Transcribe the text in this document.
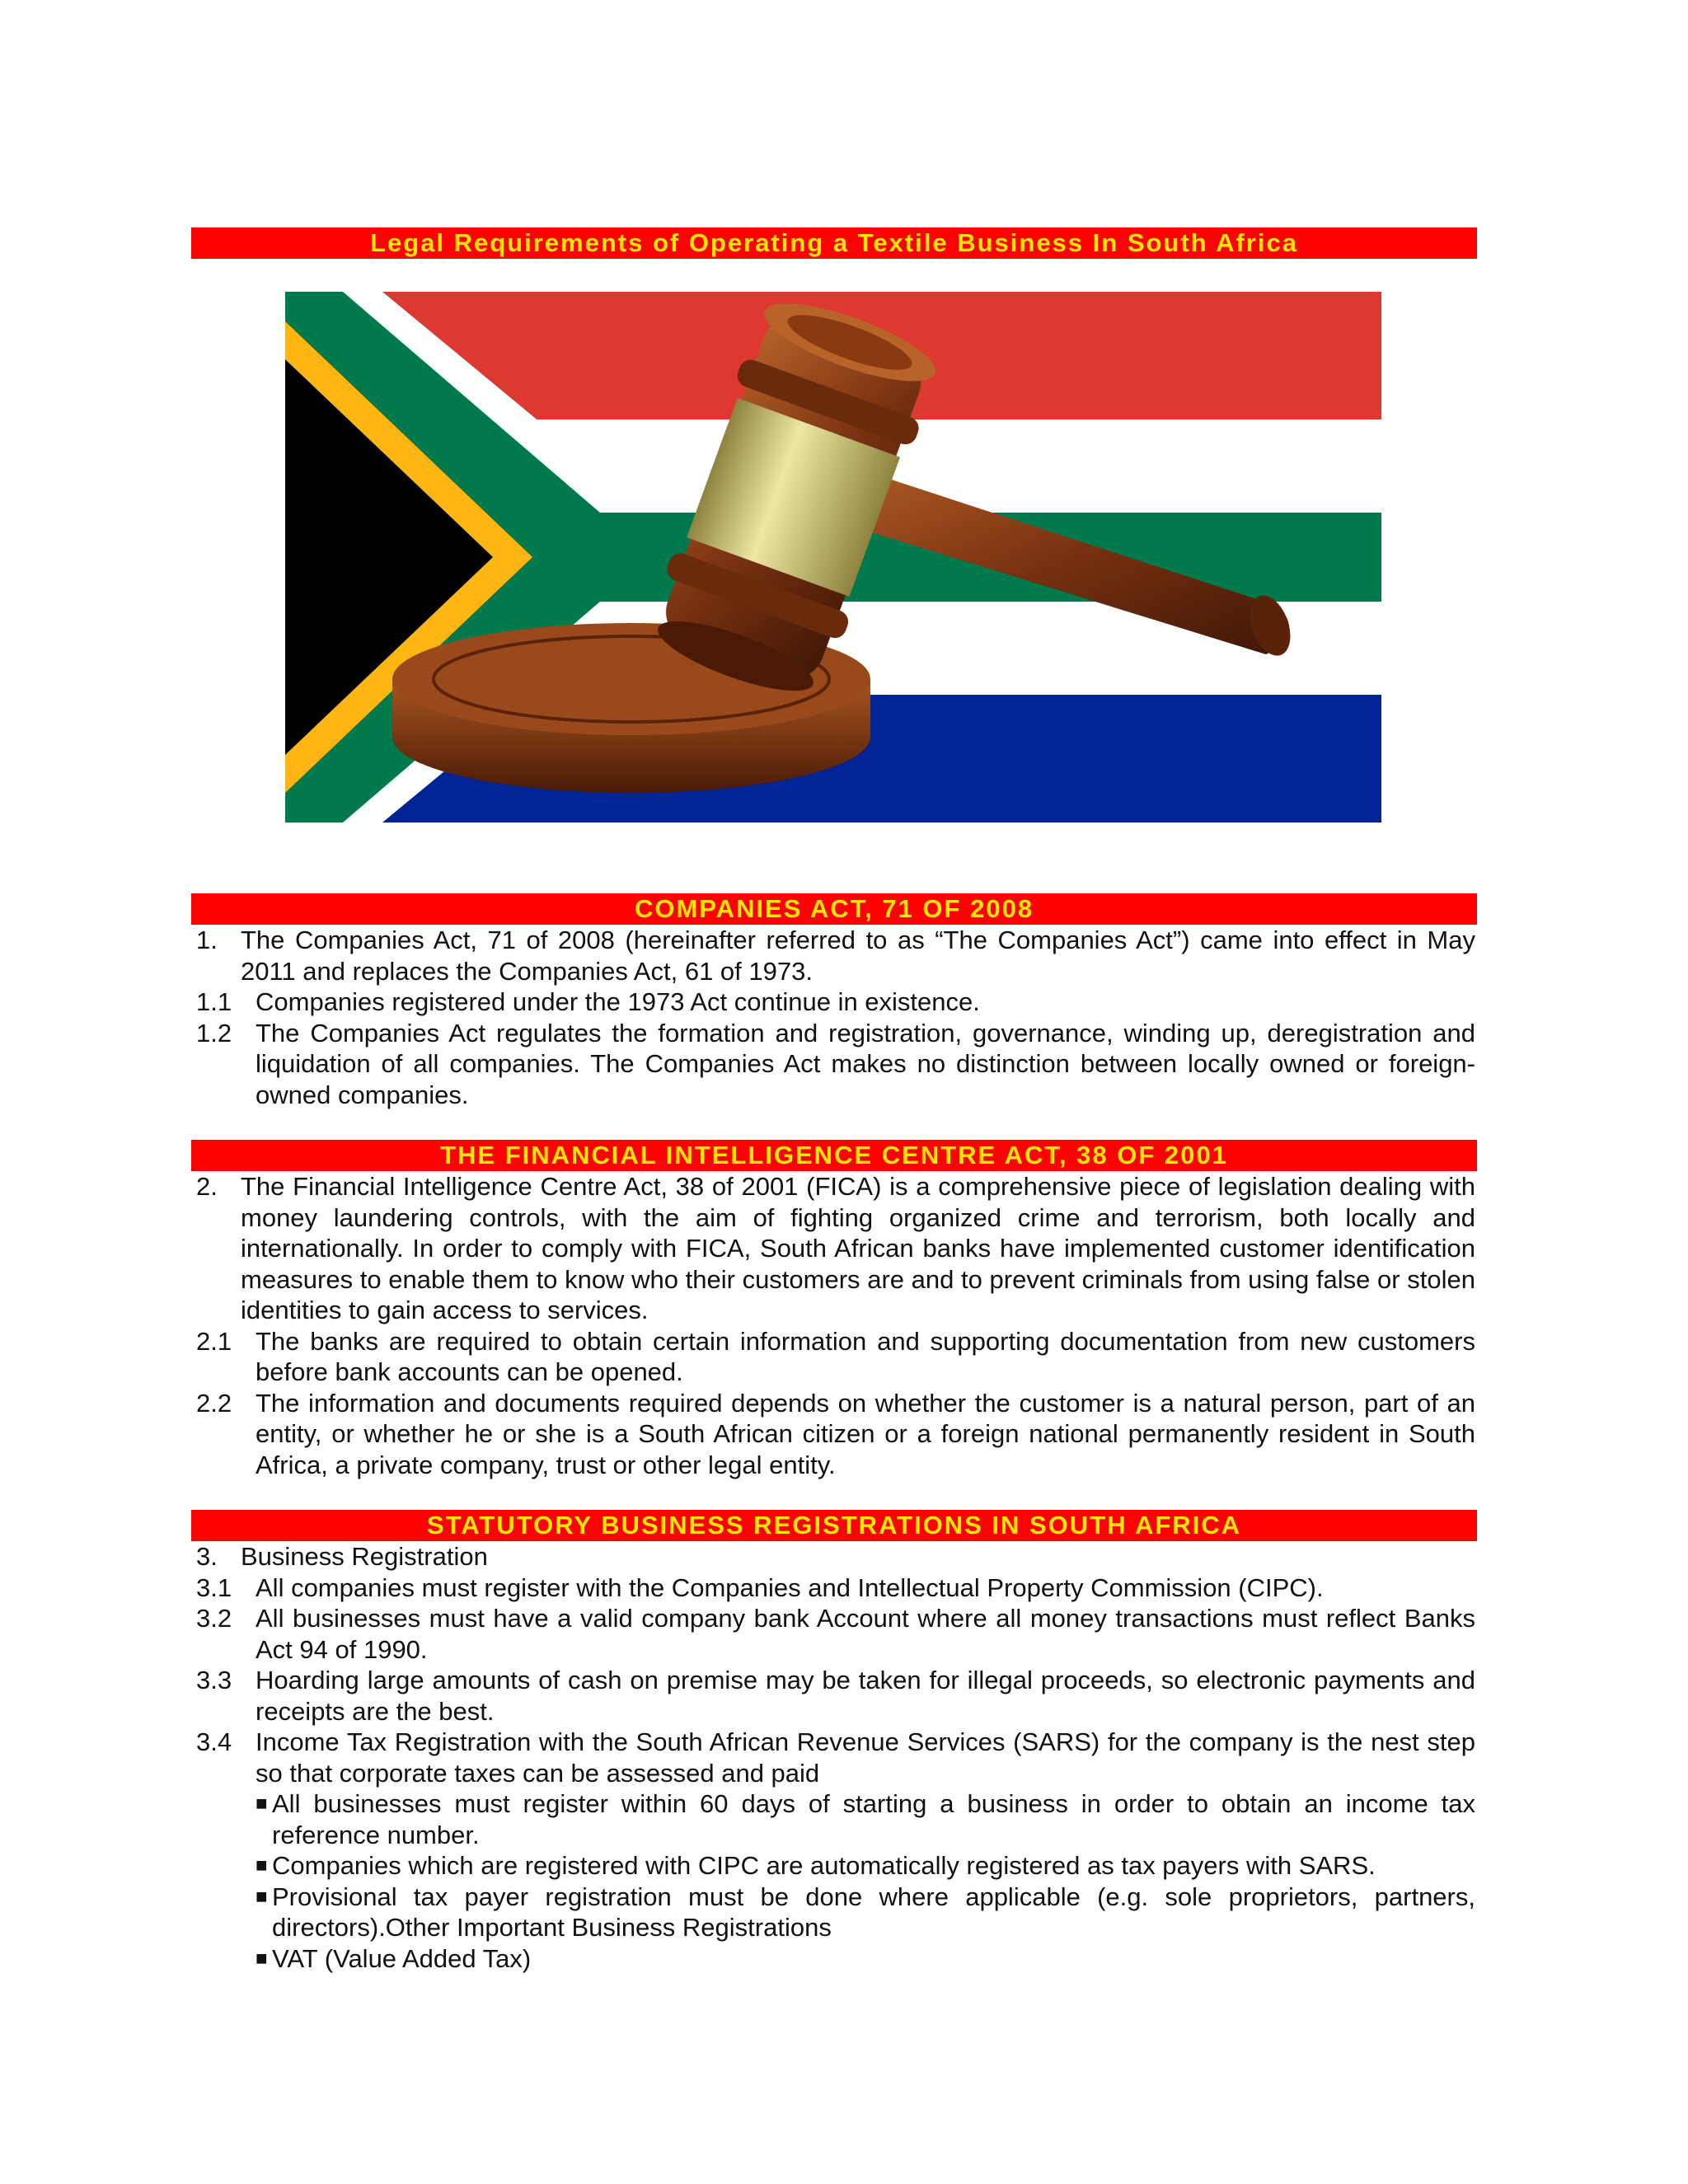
Legal Requirements of Operating a Textile Business In South Africa
COMPANIES ACT, 71 OF 2008
1. The Companies Act, 71 of 2008 (hereinafter referred to as “The Companies Act”) came into effect in May 2011 and replaces the Companies Act, 61 of 1973.
1.1 Companies registered under the 1973 Act continue in existence.
1.2 The Companies Act regulates the formation and registration, governance, winding up, deregistration and liquidation of all companies. The Companies Act makes no distinction between locally owned or foreign-owned companies.
THE FINANCIAL INTELLIGENCE CENTRE ACT, 38 OF 2001
2. The Financial Intelligence Centre Act, 38 of 2001 (FICA) is a comprehensive piece of legislation dealing with money laundering controls, with the aim of fighting organized crime and terrorism, both locally and internationally. In order to comply with FICA, South African banks have implemented customer identification measures to enable them to know who their customers are and to prevent criminals from using false or stolen identities to gain access to services.
2.1 The banks are required to obtain certain information and supporting documentation from new customers before bank accounts can be opened.
2.2 The information and documents required depends on whether the customer is a natural person, part of an entity, or whether he or she is a South African citizen or a foreign national permanently resident in South Africa, a private company, trust or other legal entity.
STATUTORY BUSINESS REGISTRATIONS IN SOUTH AFRICA
3. Business Registration
3.1 All companies must register with the Companies and Intellectual Property Commission (CIPC).
3.2 All businesses must have a valid company bank Account where all money transactions must reflect Banks Act 94 of 1990.
3.3 Hoarding large amounts of cash on premise may be taken for illegal proceeds, so electronic payments and receipts are the best.
3.4 Income Tax Registration with the South African Revenue Services (SARS) for the company is the nest step so that corporate taxes can be assessed and paid
■ All businesses must register within 60 days of starting a business in order to obtain an income tax reference number.
■ Companies which are registered with CIPC are automatically registered as tax payers with SARS.
■ Provisional tax payer registration must be done where applicable (e.g. sole proprietors, partners, directors).Other Important Business Registrations
■ VAT (Value Added Tax)
